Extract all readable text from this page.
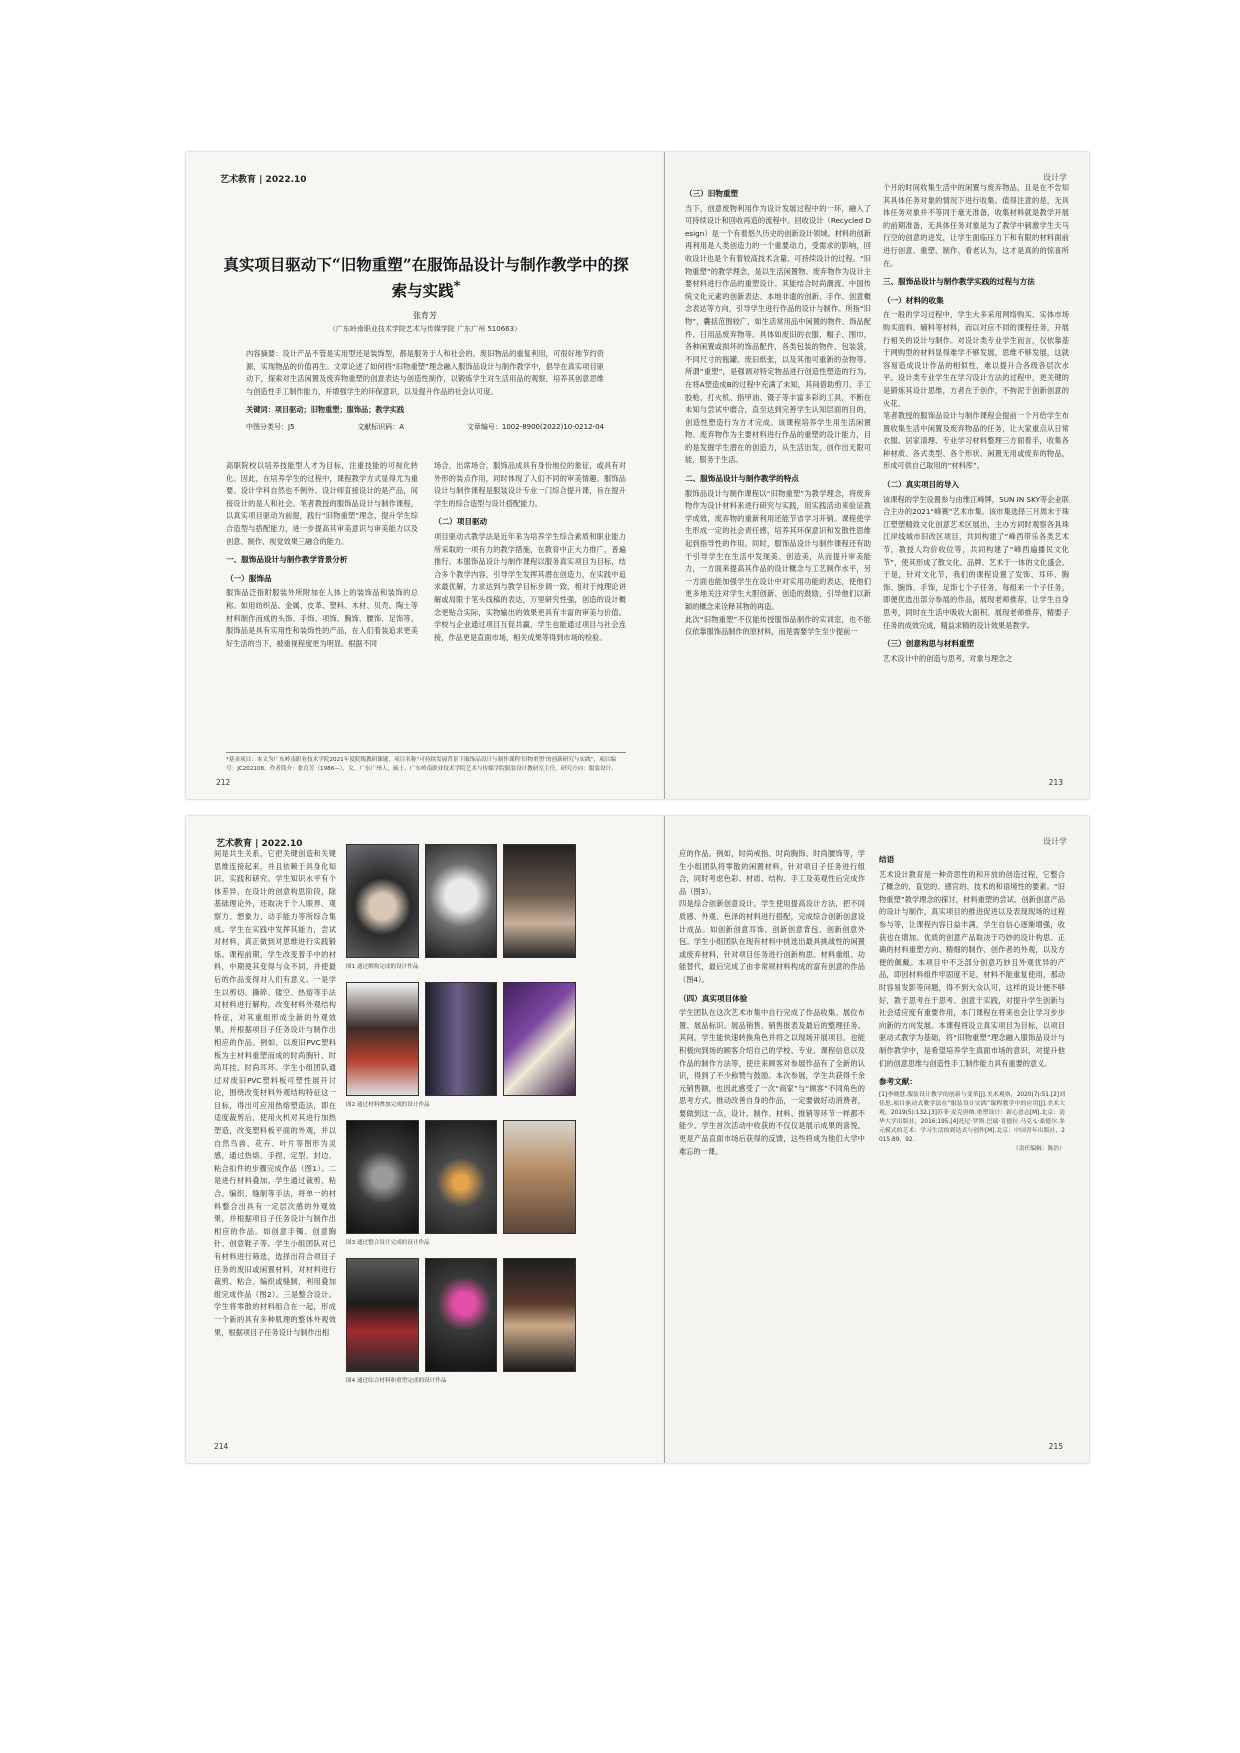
艺术教育 | 2022.10
真实项目驱动下“旧物重塑”在服饰品设计与制作教学中的探索与实践*
张育芳
（广东岭南职业技术学院艺术与传媒学院 广东广州 510663）
内容摘要：设计产品不管是实用型还是装饰型，都是服务于人和社会的。废旧物品的重复利用，可很好地节约资源，实现物品的价值再生。文章论述了如何将“旧物重塑”理念融入服饰品设计与制作教学中，倡导在真实项目驱动下，探索对生活闲置及废弃物重塑的创意表达与创造性制作，以锻炼学生对生活用品的观察，培养其创意思维与创造性手工制作能力，并增强学生的环保意识，以及提升作品的社会认可度。
关键词：项目驱动；旧物重塑；服饰品；教学实践
中图分类号：J5	文献标识码：A	文章编号：1002-8900(2022)10-0212-04
高职院校以培养技能型人才为目标，注重技能的可视化转化。因此，在培养学生的过程中，课程教学方式显得尤为重要。设计学科自然也不例外。设计师直接设计的是产品，间接设计的是人和社会。笔者教授的服饰品设计与制作课程，以真实项目驱动为前提，践行“旧物重塑”理念，提升学生综合造型与搭配能力，进一步提高其审美意识与审美能力以及创意、制作、视觉效果三融合的能力。
一、服饰品设计与制作教学背景分析
（一）服饰品
服饰品泛指附服装外所附加在人体上的装饰品和装饰的总称。如用纺织品、金属、皮革、塑料、木材、贝壳、陶土等材料制作而成的头饰、手饰、项饰、胸饰、腰饰、足饰等。服饰品是具有实用性和装饰性的产品，在人们着装追求更美好生活的当下，被重视程度更为明显。根据不同
场合，出席场合，服饰品成具有身份地位的象征，或具有对外形的装点作用，同时体现了人们不同的审美情趣。服饰品设计与制作课程是服装设计专业一门综合提升课，旨在提升学生的综合造型与设计搭配能力。
（二）项目驱动
项目驱动式教学法是近年来为培养学生综合素质和职业能力所采取的一项有力的教学措施，在教育中正大力推广，普遍推行。本服饰品设计与制作课程以服务真实项目为目标，结合多个教学内容，引导学生发挥其潜在创造力，在实践中追求最优解，力求达到与教学目标步调一致，相对于纯理论讲解或局限于笔头线稿的表达，万里研究性强，创造的设计概念更贴合实际，实物输出的效果更具有丰富的审美与价值。学校与企业通过项目互促共赢，学生也能通过项目与社会连接，作品更是直面市场，相关成果等得到市场的检验。
*基金项目：本文为广东岭南职业技术学院2021年度院级教研课题，项目名称“可持续发展背景下服饰品设计与制作课程‘旧物重塑’的创新研究与实践”，项目编号：JC202108。作者简介：张育芳（1986—），女，广东广州人，硕士，广东岭南职业技术学院艺术与传媒学院服装设计教研室主任，研究方向：服装设计。
212
设计学
（三）旧物重塑
当下，创意废物利用作为设计发展过程中的一环，融入了可持续设计和回收再造的流程中。回收设计（Recycled Design）是一个有着悠久历史的创新设计领域。材料的创新再利用是人类创造力的一个重要动力，受需求的影响，回收设计也是个有着较高技术含量、可持续设计的过程。“旧物重塑”的教学理念，是以生活闲置物、废弃物作为设计主要材料进行作品的重塑设计。其能结合时尚潮流、中国传统文化元素的创新表达、本地非遗的创新、手作、创意概念表达等方向，引导学生进行作品的设计与制作。所指“旧物”，囊括范围较广，如生活常用品中闲置的物件、饰品配件、日用品废弃物等。具体如废旧的衣服、帽子、围巾，各种闲置或损坏的饰品配件，各类包装的物件、包装袋，不同尺寸的瓶罐、废旧纸张，以及其他可重新的杂物等。所谓“重塑”，是强调对特定物品进行创造性塑造的行为。在将A塑造成B的过程中充满了未知，其间借助剪刀、手工胶枪、打火机、指甲油、镊子等丰富多彩的工具，不断在未知与尝试中磨合，直至达到完善学生认知层面的目的，创造性塑造行为方才完成。该课程培养学生用生活闲置物、废弃物作为主要材料进行作品的重塑的设计能力，目的是发掘学生潜在的创造力，从生活出发，创作出无限可能，服务于生活。
二、服饰品设计与制作教学的特点
服饰品设计与制作课程以“旧物重塑”为教学理念，将废弃物作为设计材料来进行研究与实践，用实践活动来验证教学成效，废弃物的重新利用还能节省学习开销。课程使学生形成一定的社会责任感，培养其环保意识和发散性思维起到指导性的作用。同时，服饰品设计与制作课程还有助于引导学生在生活中发现美、创造美，从而提升审美能力，一方面来提高其作品的设计概念与工艺制作水平，另一方面也能加强学生在设计中对实用功能的表达，使他们更多地关注对学生大胆创新、创造的鼓励，引导他们以新颖的概念来诠释其物的再造。
此次“旧物重塑”不仅能传授服饰品制作的实训室，也不能仅依靠服饰品制作的原材料，而是需要学生至少提前一
个月的时间收集生活中的闲置与废弃物品，且是在不告知其具体任务对象的情况下进行收集。值得注意的是，无具体任务对象并不等同于毫无准备，收集材料就是教学开展的前期准备，无具体任务对象是为了教学中刺激学生天马行空的创意的迸发，让学生面临压力下和有限的材料面前进行创意、重塑、制作、看老认为，这才是真的的惊喜所在。
三、服饰品设计与制作教学实践的过程与方法
（一）材料的收集
在一般的学习过程中，学生大多采用网络购买、实体市场购买面料、辅料等材料，而以对应不同的课程任务，开展行相关的设计与制作。对设计类专业学生而言，仅依靠基于网购型的材料显得难学不够发展，思维不够发展，这就容易造成设计作品的相似性，难以提升合各级各层次水平。设计类专业学生在学习设计方法的过程中，更关键的是锻炼其设计思维，方者在于创作，不拘泥于创新创意的火花。
笔者教授的服饰品设计与制作课程会提前一个月给学生布置收集生活中闲置及废弃物品的任务，让大家重点从日常衣服、居家清理、专业学习材料整理三方面着手，收集各种材质、各式类型、各个形状、闲置无用或废弃的物品，形成可供自己取用的“材料库”。
（二）真实项目的导入
该课程的学生设置参与由维江峰牌，SUN IN SKY等企业联合主办的2021“峰赛”艺术市集。该市集选择三月周末于珠江塑塑精致文化创意艺术区展出，主办方同时观察各具珠江岸线城市旧改区项目，共同构建了“峰西带乐各类艺术节，教授人均价收位等，共同构建了“峰西遍播民文化节”，使其形成了散文化、品牌、艺术于一体的文化盛会。于是，针对文化节，我们的课程设置了发饰、耳环、胸饰、腕饰、手饰，足饰七个子任务，每组来一个子任务，即便优选出部分参展的作品，展现老师推荐，让学生自身思考，同时在生活中吸收大面积、展现老师推荐，精要子任务的成效完成，精益求精的设计效果是教学。
（三）创意构思与材料重塑
艺术设计中的创造与思考，对象与理念之
213
艺术教育 | 2022.10
间是共生关系，它把关键创造和关键思维连接起来，并且依赖于具身化知识、实践和研究。学生知识水平有个体差异，在设计的创意构思阶段，除基础理论外，还取决于个人眼界、观察力、想象力、动手能力等所综合集成。学生在实践中发挥其能力，尝试对材料，真正做到对思维进行实践锻炼。课程前期，学生改变着手中的材料，中期使其变得与众不同，并使最后的作品变得对人们有意义。一是学生以剪切、撕碎、镂空、热熔等手法对材料进行解构，改变材料外观结构特征，对其重组形成全新的外观效果，并根据项目子任务设计与制作出相应的作品。例如，以废旧PVC塑料板为主材料重塑而成的时尚胸针、时尚耳挂、时尚耳环。学生小组团队通过对废旧PVC塑料板可塑性展开讨论，围绕改变材料外观结构特征这一目标，得出可应用热熔塑造法，即在适度裁剪后，使用火机对其进行加热塑造，改变塑料板平面的外观，并以自然鸟兽、花卉、叶片等图形为灵感，通过热熔、手捏、定型、封边、粘合扣件的步骤完成作品（图1）。二是进行材料叠加。学生通过裁剪、粘合、编织、缝制等手法，将单一的材料整合出具有一定层次感的外观效果，并根据项目子任务设计与制作出相应的作品。如创意手镯、创意胸针、创意鞋子等。学生小组团队对已有材料进行筛选，选择出符合项目子任务的废旧或闲置材料，对材料进行裁剪、粘合、编织或缝制，利用叠加组完成作品（图2）。三是整合设计。学生将零散的材料组合在一起，形成一个新的具有多种肌理的整体外观效果，根据项目子任务设计与制作出相
图1 通过解构完成的设计作品
图2 通过材料叠加完成的设计作品
图3 通过整合设计完成的设计作品
图4 通过综合材料和重塑完成的设计作品
214
设计学
应的作品。例如，时尚戒指、时尚胸饰、时尚腰饰等，学生小组团队将零散的闲置材料，针对项目子任务进行组合，同时考虑色彩、材质、结构、手工及美观性后完成作品（图3）。
四是综合创新创意设计。学生使用提高设计方法，把不同质感、外观、色泽的材料进行搭配，完成综合创新创意设计成品。如创新创意耳饰、创新创意背包、创新创意外包。学生小组团队在现有材料中挑选出最具挑战性的闲置或废弃材料，针对项目任务进行创新构思、材料重组、功能替代，最后完成了由非常规材料构成的富有创意的作品（图4）。
（四）真实项目体验
学生团队在这次艺术市集中自行完成了作品收集、展位布置、展品标识、展品销售、销售报表及最后的整理任务。其间，学生能快速转换角色并将之以现场开展项目，也能积极向到场的顾客介绍自己的学校、专业、课程信息以及作品的制作方法等，使往来顾客对参展作品有了全新的认识，得到了不少称赞与鼓励。本次参展，学生共获得千余元销售额，也因此感受了一次“商家”与“顾客”不同角色的思考方式。推动改善自身的作品，一定要做好动消费者，要做到这一点，设计、制作、材料、推销等环节一样都不能少。学生首次活动中收获的不仅仅是展示成果的喜悦，更是产品直面市场后获得的反馈，这些将成为他们大学中难忘的一课。
结语
艺术设计教育是一种奇思性的和开放的创造过程，它整合了概念的、直觉的、感官的、技术的和语境性的要素。“旧物重塑”教学理念的探讨，材料重塑的尝试、创新创意产品的设计与制作，真实项目的推进促进以及表现现场的过程参与等，让课程内容日益丰满，学生自信心逐渐增强，收获也在增加。优质的创意产品取决于巧妙的设计构思、正确的材料重塑方向、精细的制作、创作者的外观，以及方便的佩戴。本项目中不乏部分创意巧妙且外观优异的产品，即因材料组件牢固度不足，材料不能重复使用，那动时容易发影等问题，得不到大众认可，这样的设计便不够好，教于思考在于思考、创意于实践，对提升学生创新与社会适应度有重要作用，本门课程在将来也会让学习步步向新的方向发展。本课程将设立真实项目为目标，以项目驱动式教学为基础，将“旧物重塑”理念融入服饰品设计与制作教学中，是希望培养学生真面市场的意识，对提升他们的创意思维与创造性手工制作能力具有重要的意义。
参考文献：
[1]李晓慧.服装设计教学的创新与变革[J].美术观察，2020(7):51.[2]刘佳思.项目驱动式教学法在“服装设计实践”课程教学中的应用[J].美术大观，2019(5):132.[3]苏菲·麦克唐纳.重塑设计：新心意志[M].北京：清华大学出版社，2016:195.[4]托尼·罗斯.巴瑞·肯德拉.马克·L·桑德尔.多元模式的艺术：学习生活的到达式与创作[M].北京：中国青年出版社，2015:89，92.
（责任编辑：陈浩）
215
